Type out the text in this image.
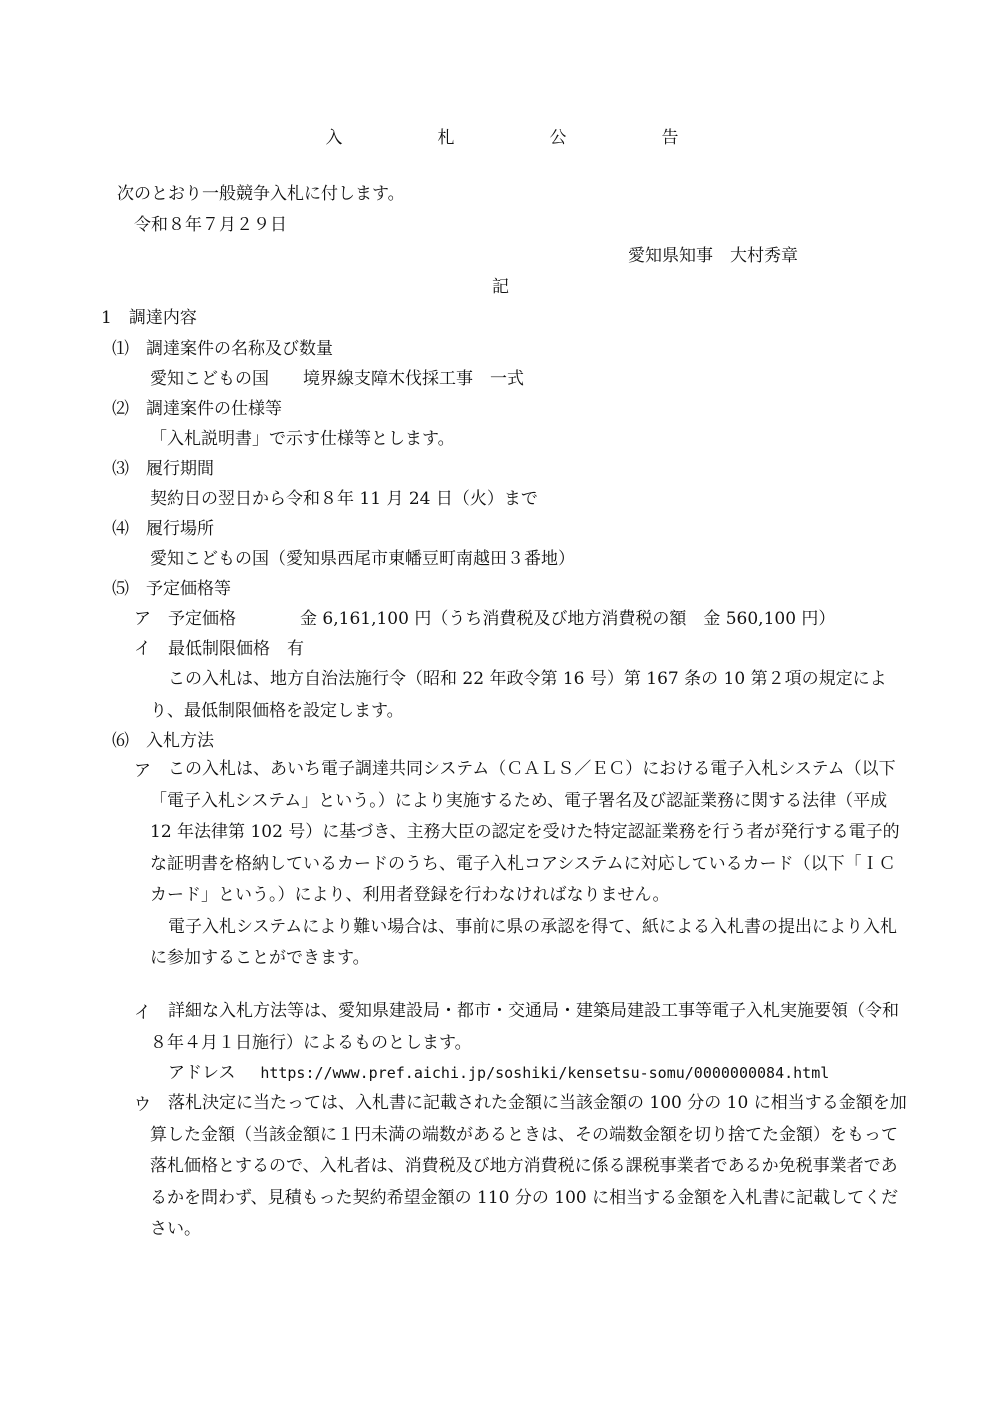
入	札	公	告
次のとおり一般競争入札に付します。
令和８年７月２９日
愛知県知事　大村秀章
記
1　調達内容
⑴　調達案件の名称及び数量
愛知こどもの国　　境界線支障木伐採工事　一式
⑵　調達案件の仕様等
「入札説明書」で示す仕様等とします。
⑶　履行期間
契約日の翌日から令和８年 11 月 24 日（火）まで
⑷　履行場所
愛知こどもの国（愛知県西尾市東幡豆町南越田３番地）
⑸　予定価格等
ア　予定価格	金 6,161,100 円（うち消費税及び地方消費税の額　金 560,100 円）
イ　最低制限価格　有

この入札は、地方自治法施行令（昭和 22 年政令第 16 号）第 167 条の 10 第２項の規定により、最低制限価格を設定します。

⑹　入札方法
ア	この入札は、あいち電子調達共同システム（ＣＡＬＳ／ＥＣ）における電子入札システム（以下「電子入札システム」という。）により実施するため、電子署名及び認証業務に関する法律（平成 12 年法律第 102 号）に基づき、主務大臣の認定を受けた特定認証業務を行う者が発行する電子的な証明書を格納しているカードのうち、電子入札コアシステムに対応しているカード（以下「ＩＣカード」という。）により、利用者登録を行わなければなりません。

電子入札システムにより難い場合は、事前に県の承認を得て、紙による入札書の提出により入札に参加することができます。

イ	詳細な入札方法等は、愛知県建設局・都市・交通局・建築局建設工事等電子入札実施要領（令和８年４月１日施行）によるものとします。

アドレス https://www.pref.aichi.jp/soshiki/kensetsu-somu/0000000084.html
ウ	落札決定に当たっては、入札書に記載された金額に当該金額の 100 分の 10 に相当する金額を加算した金額（当該金額に１円未満の端数があるときは、その端数金額を切り捨てた金額）をもって落札価格とするので、入札者は、消費税及び地方消費税に係る課税事業者であるか免税事業者であるかを問わず、見積もった契約希望金額の 110 分の 100 に相当する金額を入札書に記載してください。
